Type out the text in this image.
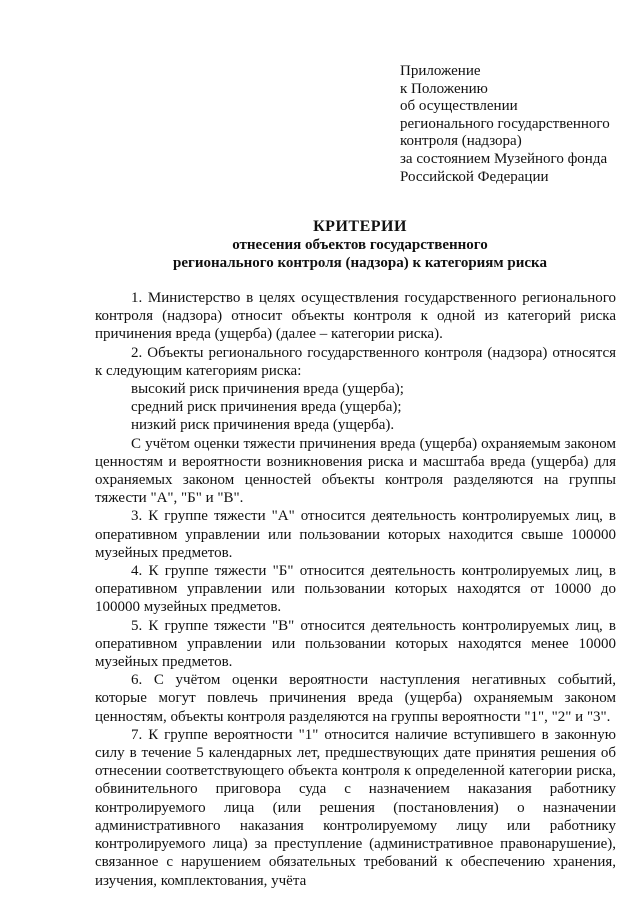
Приложение
к Положению
об осуществлении
регионального государственного
контроля (надзора)
за состоянием Музейного фонда
Российской Федерации
КРИТЕРИИ
отнесения объектов государственного
регионального контроля (надзора) к категориям риска

1. Министерство в целях осуществления государственного регионального контроля (надзора) относит объекты контроля к одной из категорий риска причинения вреда (ущерба) (далее – категории риска).

2. Объекты регионального государственного контроля (надзора) относятся к следующим категориям риска:

высокий риск причинения вреда (ущерба);

средний риск причинения вреда (ущерба);

низкий риск причинения вреда (ущерба).

С учётом оценки тяжести причинения вреда (ущерба) охраняемым законом ценностям и вероятности возникновения риска и масштаба вреда (ущерба) для охраняемых законом ценностей объекты контроля разделяются на группы тяжести "А", "Б" и "В".

3. К группе тяжести "А" относится деятельность контролируемых лиц, в оперативном управлении или пользовании которых находится свыше 100000 музейных предметов.

4. К группе тяжести "Б" относится деятельность контролируемых лиц, в оперативном управлении или пользовании которых находятся от 10000 до 100000 музейных предметов.

5. К группе тяжести "В" относится деятельность контролируемых лиц, в оперативном управлении или пользовании которых находятся менее 10000 музейных предметов.

6. С учётом оценки вероятности наступления негативных событий, которые могут повлечь причинения вреда (ущерба) охраняемым законом ценностям, объекты контроля разделяются на группы вероятности "1", "2" и "3".

7. К группе вероятности "1" относится наличие вступившего в законную силу в течение 5 календарных лет, предшествующих дате принятия решения об отнесении соответствующего объекта контроля к определенной категории риска, обвинительного приговора суда с назначением наказания работнику контролируемого лица (или решения (постановления) о назначении административного наказания контролируемому лицу или работнику контролируемого лица) за преступление (административное правонарушение), связанное с нарушением обязательных требований к обеспечению хранения, изучения, комплектования, учёта
